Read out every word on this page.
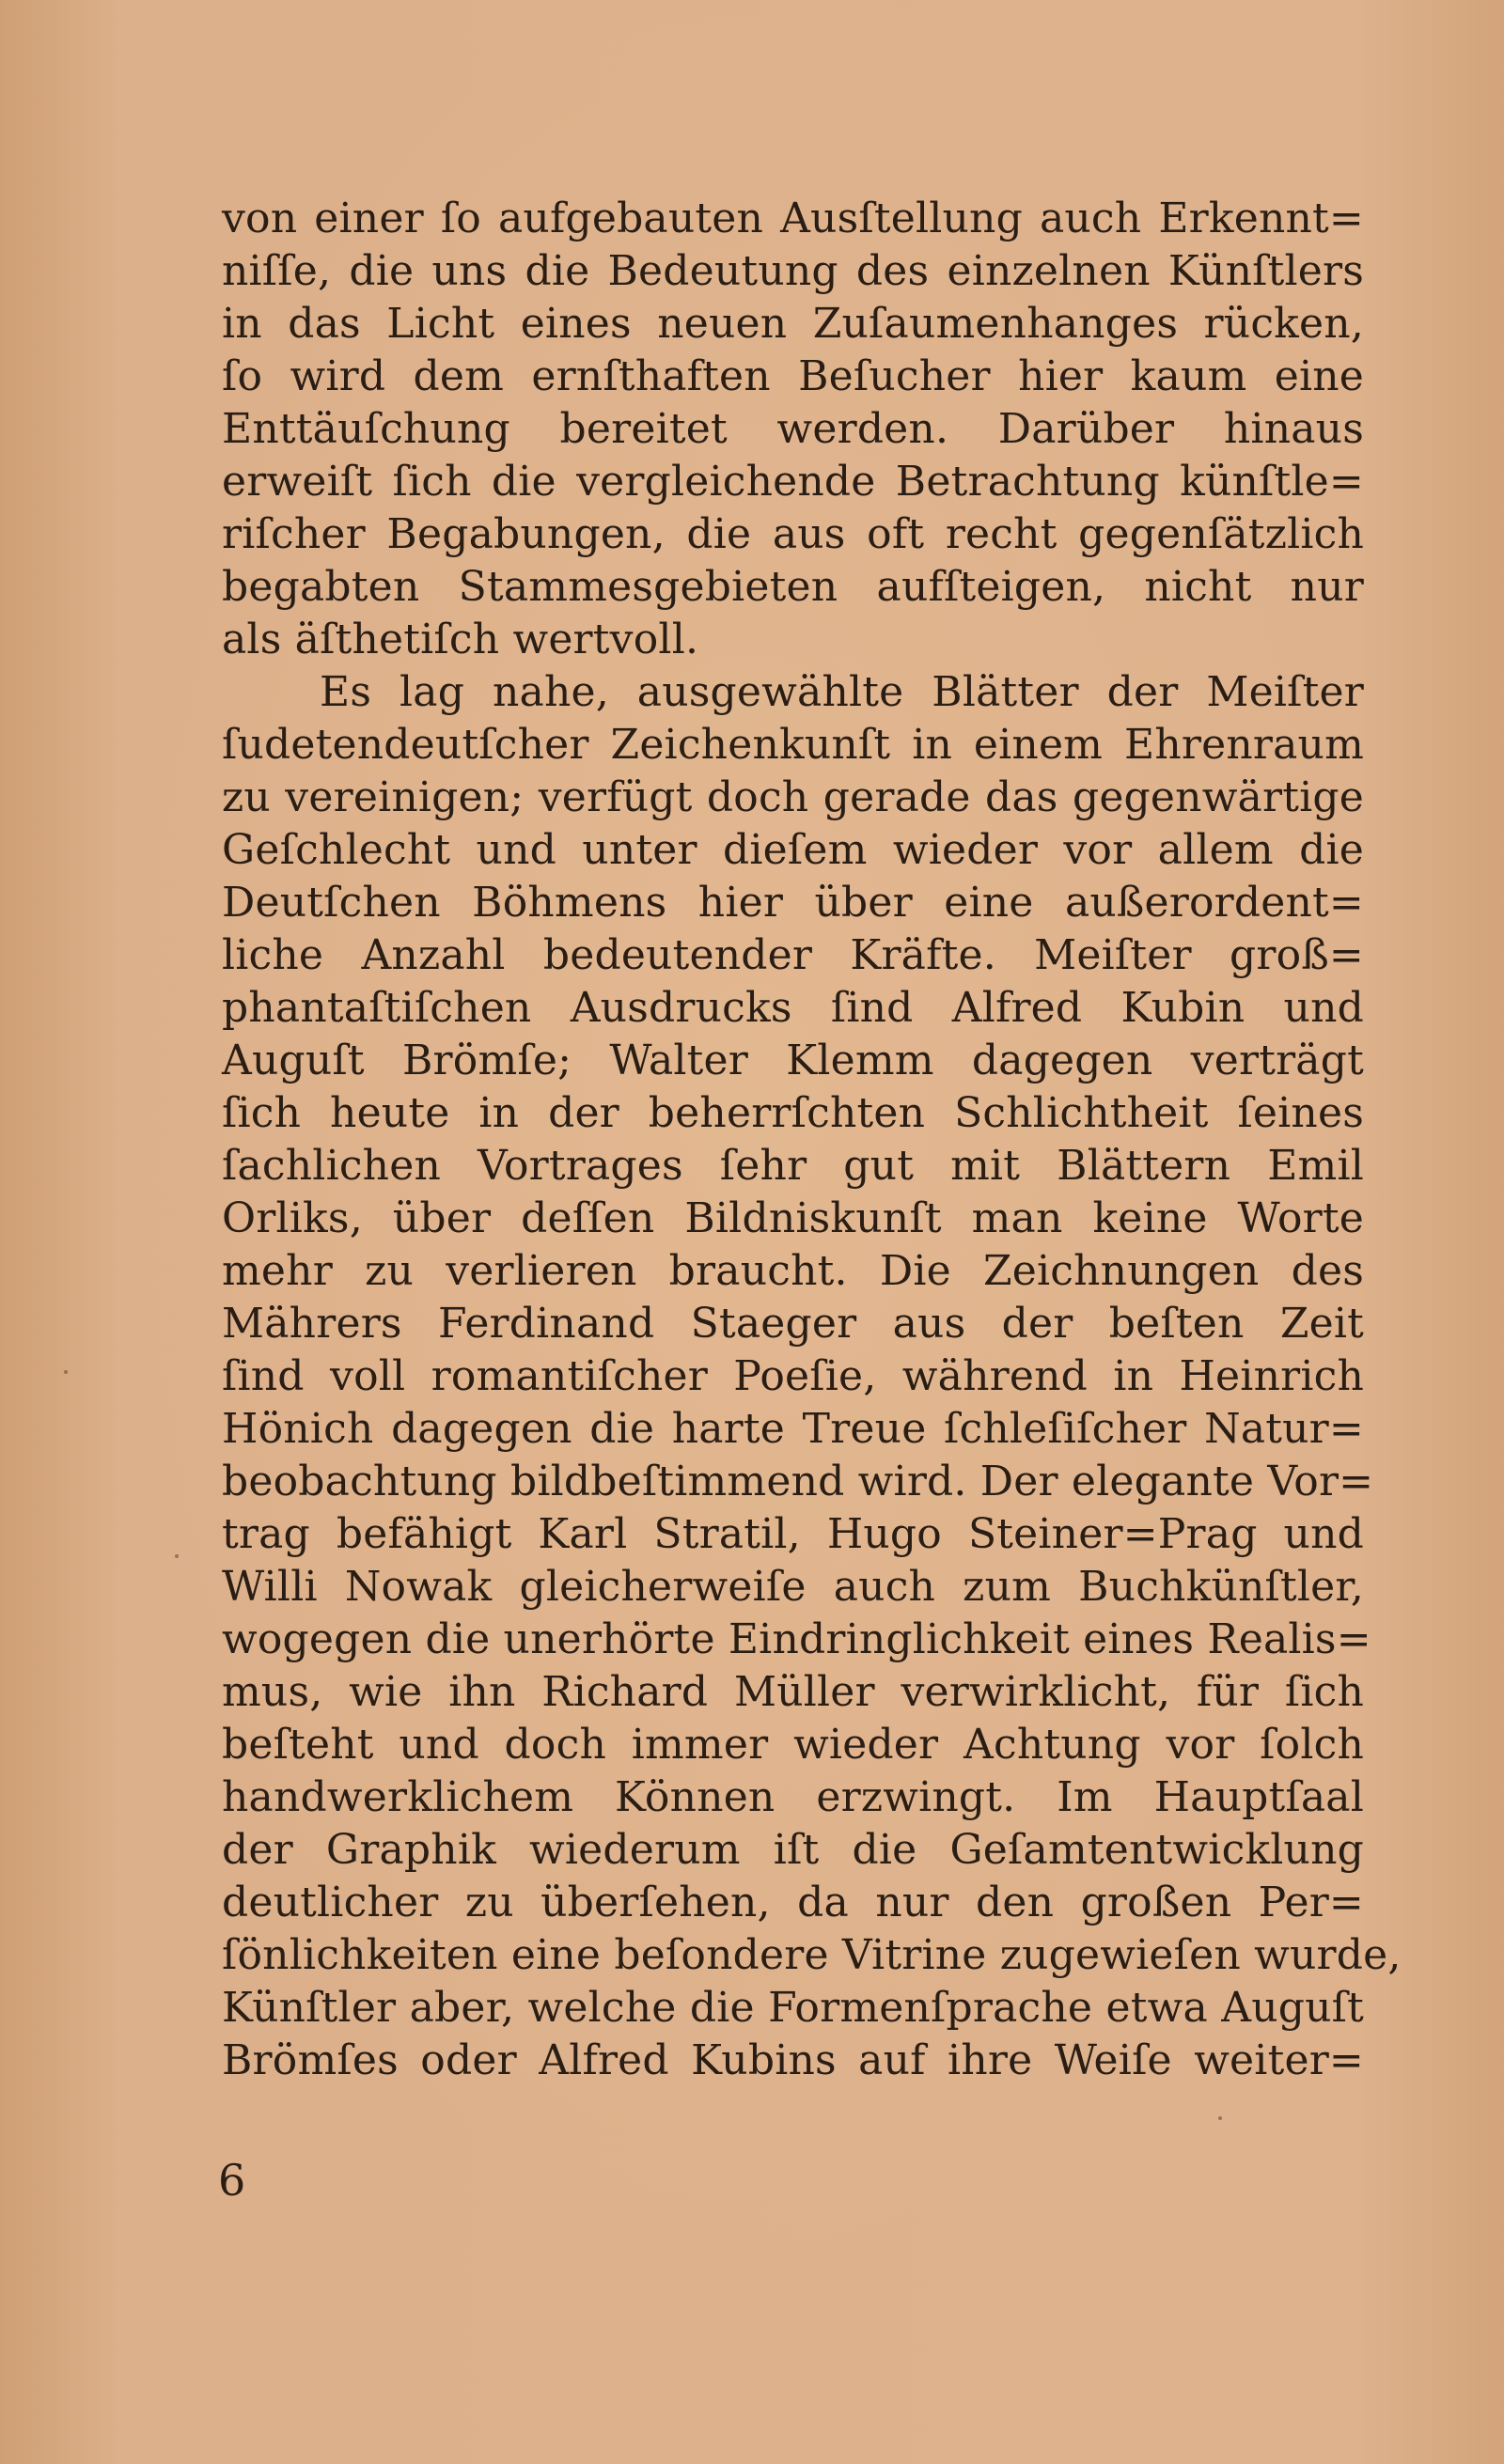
von einer ſo aufgebauten Ausſtellung auch Erkennt=
niſſe, die uns die Bedeutung des einzelnen Künſtlers
in das Licht eines neuen Zuſaumenhanges rücken,
ſo wird dem ernſthaften Beſucher hier kaum eine
Enttäuſchung bereitet werden. Darüber hinaus
erweiſt ſich die vergleichende Betrachtung künſtle=
riſcher Begabungen, die aus oft recht gegenſätzlich
begabten Stammesgebieten aufſteigen, nicht nur
als äſthetiſch wertvoll.
Es lag nahe, ausgewählte Blätter der Meiſter
ſudetendeutſcher Zeichenkunſt in einem Ehrenraum
zu vereinigen; verfügt doch gerade das gegenwärtige
Geſchlecht und unter dieſem wieder vor allem die
Deutſchen Böhmens hier über eine außerordent=
liche Anzahl bedeutender Kräfte. Meiſter groß=
phantaſtiſchen Ausdrucks ſind Alfred Kubin und
Auguſt Brömſe; Walter Klemm dagegen verträgt
ſich heute in der beherrſchten Schlichtheit ſeines
ſachlichen Vortrages ſehr gut mit Blättern Emil
Orliks, über deſſen Bildniskunſt man keine Worte
mehr zu verlieren braucht. Die Zeichnungen des
Mährers Ferdinand Staeger aus der beſten Zeit
ſind voll romantiſcher Poeſie, während in Heinrich
Hönich dagegen die harte Treue ſchleſiſcher Natur=
beobachtung bildbeſtimmend wird. Der elegante Vor=
trag befähigt Karl Stratil, Hugo Steiner=Prag und
Willi Nowak gleicherweiſe auch zum Buchkünſtler,
wogegen die unerhörte Eindringlichkeit eines Realis=
mus, wie ihn Richard Müller verwirklicht, für ſich
beſteht und doch immer wieder Achtung vor ſolch
handwerklichem Können erzwingt. Im Hauptſaal
der Graphik wiederum iſt die Geſamtentwicklung
deutlicher zu überſehen, da nur den großen Per=
ſönlichkeiten eine beſondere Vitrine zugewieſen wurde,
Künſtler aber, welche die Formenſprache etwa Auguſt
Brömſes oder Alfred Kubins auf ihre Weiſe weiter=
6
